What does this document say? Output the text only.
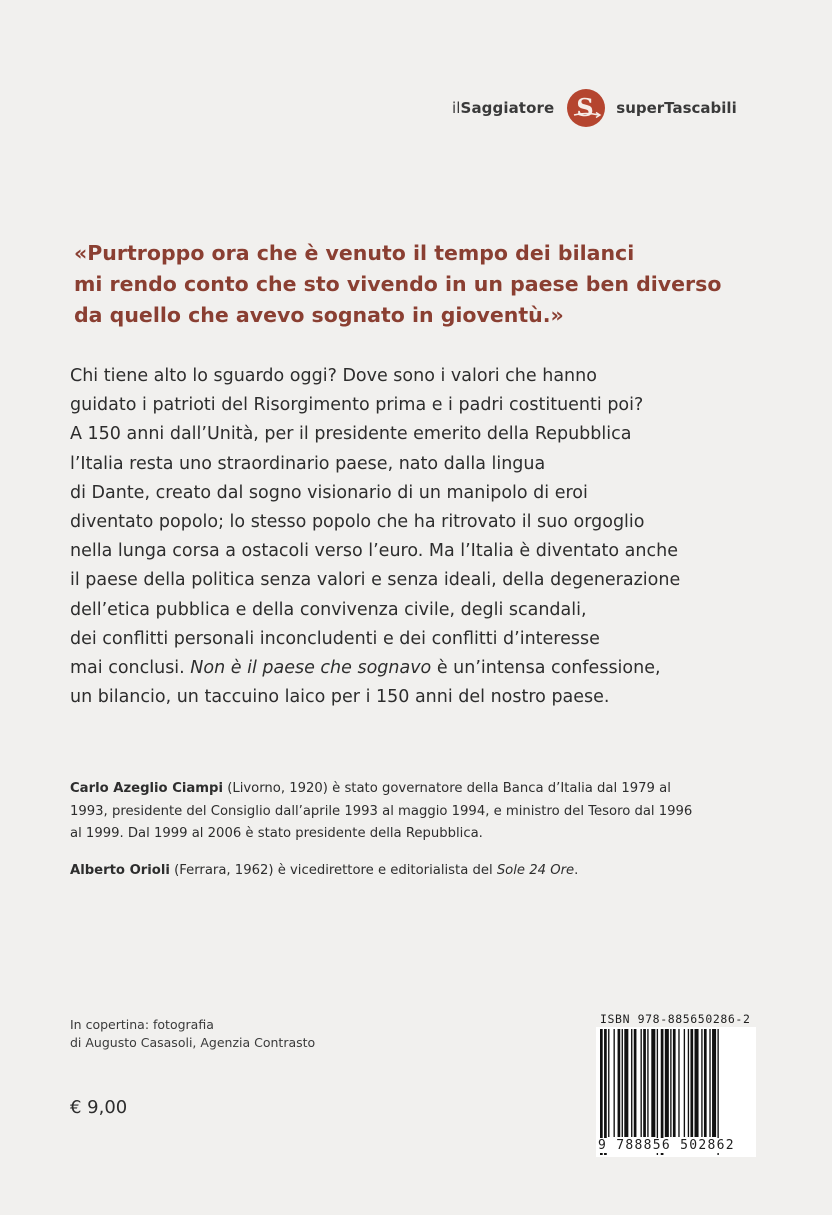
ilSaggiatore S superTascabili
«Purtroppo ora che è venuto il tempo dei bilanci
mi rendo conto che sto vivendo in un paese ben diverso
da quello che avevo sognato in gioventù.»
Chi tiene alto lo sguardo oggi? Dove sono i valori che hanno
guidato i patrioti del Risorgimento prima e i padri costituenti poi?
A 150 anni dall’Unità, per il presidente emerito della Repubblica
l’Italia resta uno straordinario paese, nato dalla lingua
di Dante, creato dal sogno visionario di un manipolo di eroi
diventato popolo; lo stesso popolo che ha ritrovato il suo orgoglio
nella lunga corsa a ostacoli verso l’euro. Ma l’Italia è diventato anche
il paese della politica senza valori e senza ideali, della degenerazione
dell’etica pubblica e della convivenza civile, degli scandali,
dei conflitti personali inconcludenti e dei conflitti d’interesse
mai conclusi. Non è il paese che sognavo è un’intensa confessione,
un bilancio, un taccuino laico per i 150 anni del nostro paese.
Carlo Azeglio Ciampi (Livorno, 1920) è stato governatore della Banca d’Italia dal 1979 al
1993, presidente del Consiglio dall’aprile 1993 al maggio 1994, e ministro del Tesoro dal 1996
al 1999. Dal 1999 al 2006 è stato presidente della Repubblica.
Alberto Orioli (Ferrara, 1962) è vicedirettore e editorialista del Sole 24 Ore.
In copertina: fotografia
di Augusto Casasoli, Agenzia Contrasto
€ 9,00
ISBN 978-885650286-2
9 788856 502862
